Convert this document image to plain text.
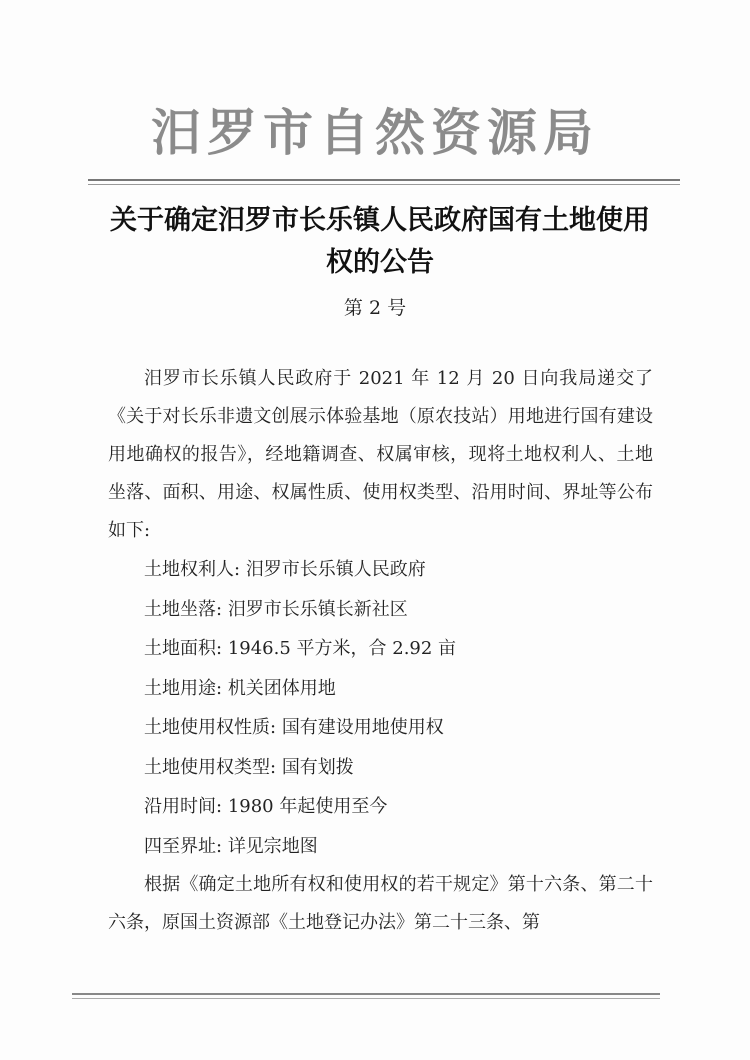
汨罗市自然资源局
关于确定汨罗市长乐镇人民政府国有土地使用权的公告
第 2 号

汨罗市长乐镇人民政府于 2021 年 12 月 20 日向我局递交了《关于对长乐非遗文创展示体验基地（原农技站）用地进行国有建设用地确权的报告》，经地籍调查、权属审核，现将土地权利人、土地坐落、面积、用途、权属性质、使用权类型、沿用时间、界址等公布如下:

土地权利人: 汨罗市长乐镇人民政府

土地坐落: 汨罗市长乐镇长新社区

土地面积: 1946.5 平方米，合 2.92 亩

土地用途: 机关团体用地

土地使用权性质: 国有建设用地使用权

土地使用权类型: 国有划拨

沿用时间: 1980 年起使用至今

四至界址: 详见宗地图

根据《确定土地所有权和使用权的若干规定》第十六条、第二十六条，原国土资源部《土地登记办法》第二十三条、第
